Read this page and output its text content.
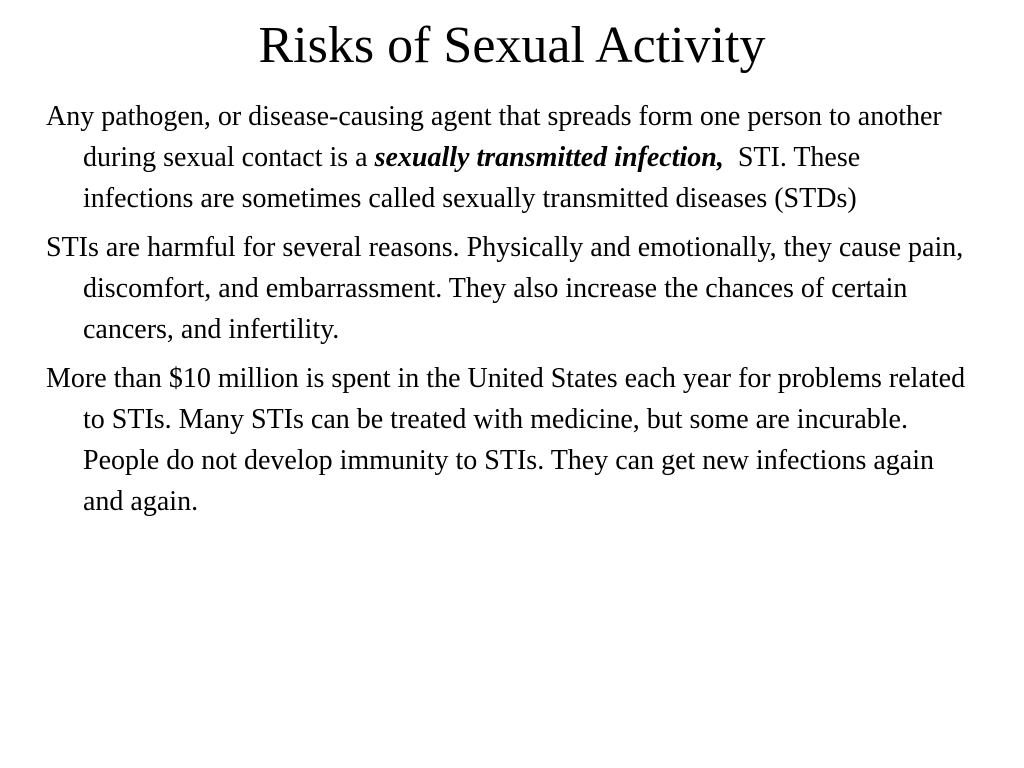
Risks of Sexual Activity

Any pathogen, or disease-causing agent that spreads form one person to another during sexual contact is a sexually transmitted infection,  STI. These infections are sometimes called sexually transmitted diseases (STDs)

STIs are harmful for several reasons. Physically and emotionally, they cause pain, discomfort, and embarrassment. They also increase the chances of certain cancers, and infertility.

More than $10 million is spent in the United States each year for problems related to STIs. Many STIs can be treated with medicine, but some are incurable. People do not develop immunity to STIs. They can get new infections again and again.
